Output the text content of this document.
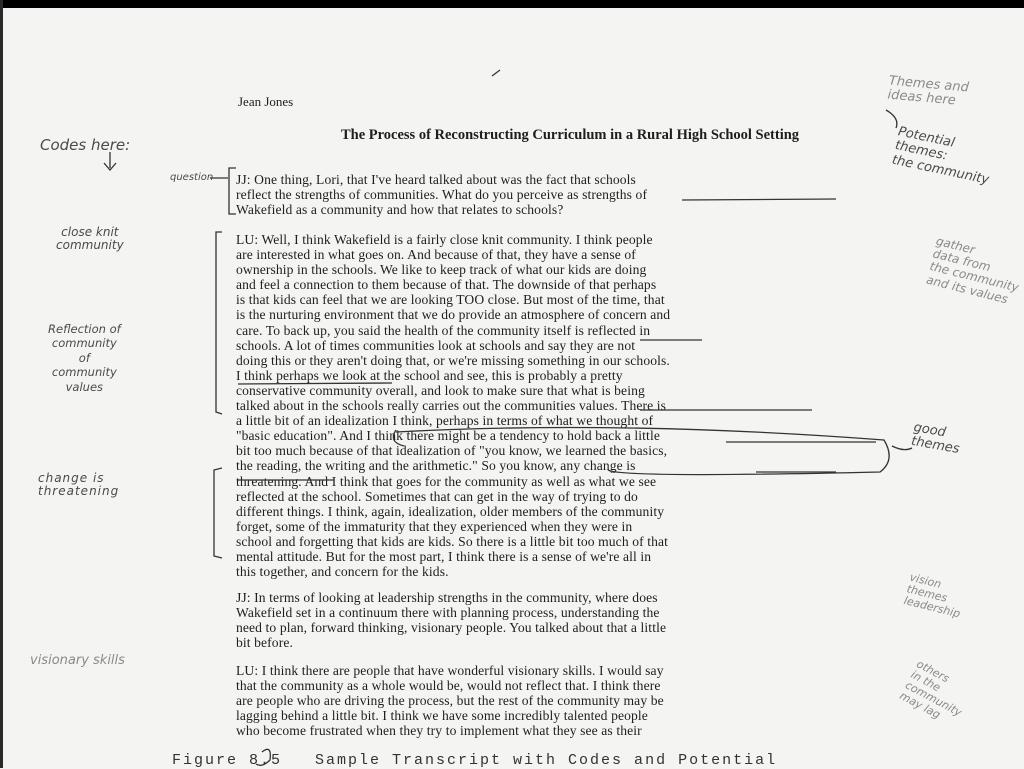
Jean Jones
The Process of Reconstructing Curriculum in a Rural High School Setting

JJ: One thing, Lori, that I've heard talked about was the fact that schools
reflect the strengths of communities. What do you perceive as strengths of
Wakefield as a community and how that relates to schools?

LU: Well, I think Wakefield is a fairly close knit community. I think people
are interested in what goes on. And because of that, they have a sense of
ownership in the schools. We like to keep track of what our kids are doing
and feel a connection to them because of that. The downside of that perhaps
is that kids can feel that we are looking TOO close. But most of the time, that
is the nurturing environment that we do provide an atmosphere of concern and
care. To back up, you said the health of the community itself is reflected in
schools. A lot of times communities look at schools and say they are not
doing this or they aren't doing that, or we're missing something in our schools.
I think perhaps we look at the school and see, this is probably a pretty
conservative community overall, and look to make sure that what is being
talked about in the schools really carries out the communities values. There is
a little bit of an idealization I think, perhaps in terms of what we thought of
"basic education". And I think there might be a tendency to hold back a little
bit too much because of that idealization of "you know, we learned the basics,
the reading, the writing and the arithmetic." So you know, any change is
threatening. And I think that goes for the community as well as what we see
reflected at the school. Sometimes that can get in the way of trying to do
different things. I think, again, idealization, older members of the community
forget, some of the immaturity that they experienced when they were in
school and forgetting that kids are kids. So there is a little bit too much of that
mental attitude. But for the most part, I think there is a sense of we're all in
this together, and concern for the kids.

JJ: In terms of looking at leadership strengths in the community, where does
Wakefield set in a continuum there with planning process, understanding the
need to plan, forward thinking, visionary people. You talked about that a little
bit before.

LU: I think there are people that have wonderful visionary skills. I would say
that the community as a whole would be, would not reflect that. I think there
are people who are driving the process, but the rest of the community may be
lagging behind a little bit. I think we have some incredibly talented people
who become frustrated when they try to implement what they see as their

Figure 8.5   Sample Transcript with Codes and Potential
Codes here:
question
close knit
community
Reflection of
community
of
community
values
change is
threatening
visionary skills
Themes and
ideas here
Potential
themes:
the community
gather
data from
the community
and its values
good
themes
vision
themes
leadership
others
in the
community
may lag
